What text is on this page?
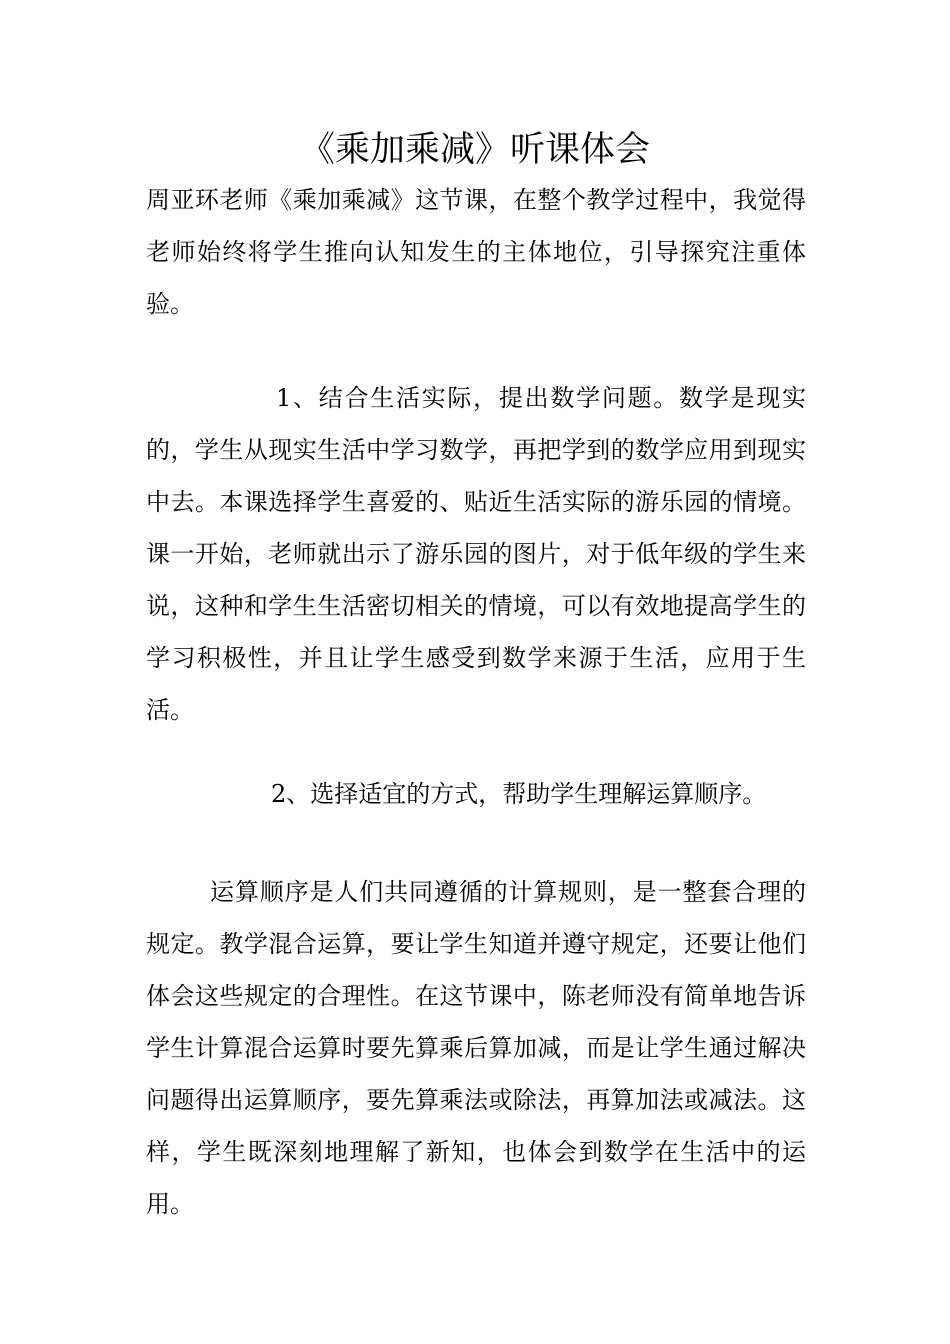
《乘加乘减》听课体会

周亚环老师《乘加乘减》这节课，在整个教学过程中，我觉得老师始终将学生推向认知发生的主体地位，引导探究注重体验。

1、结合生活实际，提出数学问题。数学是现实的，学生从现实生活中学习数学，再把学到的数学应用到现实中去。本课选择学生喜爱的、贴近生活实际的游乐园的情境。课一开始，老师就出示了游乐园的图片，对于低年级的学生来说，这种和学生生活密切相关的情境，可以有效地提高学生的学习积极性，并且让学生感受到数学来源于生活，应用于生活。

2、选择适宜的方式，帮助学生理解运算顺序。

运算顺序是人们共同遵循的计算规则，是一整套合理的规定。教学混合运算，要让学生知道并遵守规定，还要让他们体会这些规定的合理性。在这节课中，陈老师没有简单地告诉学生计算混合运算时要先算乘后算加减，而是让学生通过解决问题得出运算顺序，要先算乘法或除法，再算加法或减法。这样，学生既深刻地理解了新知，也体会到数学在生活中的运用。
